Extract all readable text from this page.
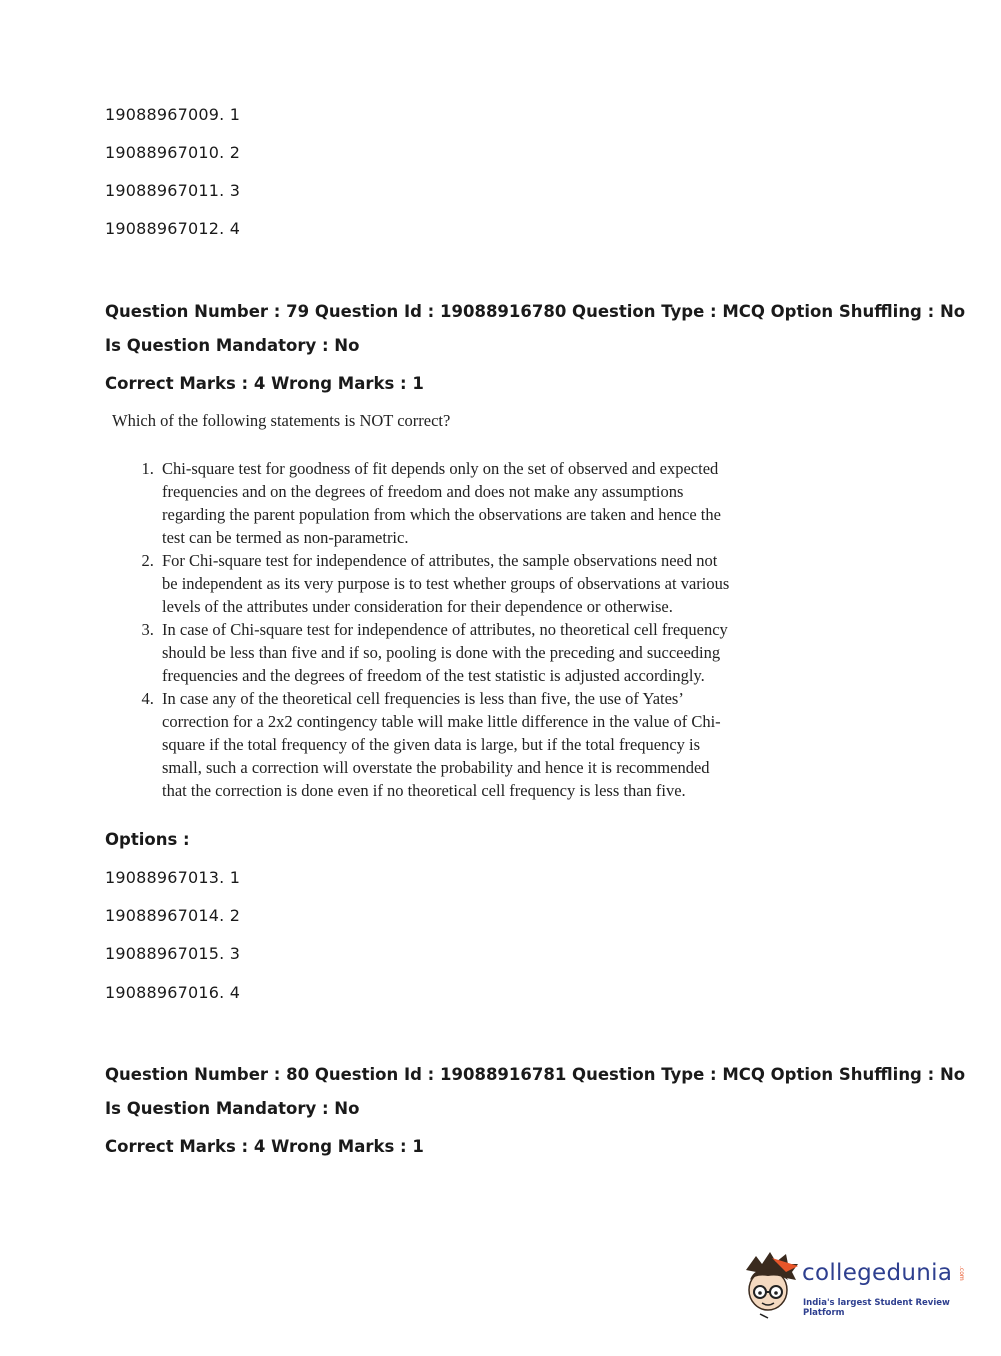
19088967009. 1
19088967010. 2
19088967011. 3
19088967012. 4
Question Number : 79 Question Id : 19088916780 Question Type : MCQ Option Shuffling : No
Is Question Mandatory : No
Correct Marks : 4 Wrong Marks : 1

Which of the following statements is NOT correct?

1. Chi-square test for goodness of fit depends only on the set of observed and expected frequencies and on the degrees of freedom and does not make any assumptions regarding the parent population from which the observations are taken and hence the test can be termed as non-parametric.
2. For Chi-square test for independence of attributes, the sample observations need not be independent as its very purpose is to test whether groups of observations at various levels of the attributes under consideration for their dependence or otherwise.
3. In case of Chi-square test for independence of attributes, no theoretical cell frequency should be less than five and if so, pooling is done with the preceding and succeeding frequencies and the degrees of freedom of the test statistic is adjusted accordingly.
4. In case any of the theoretical cell frequencies is less than five, the use of Yates’ correction for a 2x2 contingency table will make little difference in the value of Chi-square if the total frequency of the given data is large, but if the total frequency is small, such a correction will overstate the probability and hence it is recommended that the correction is done even if no theoretical cell frequency is less than five.
Options :
19088967013. 1
19088967014. 2
19088967015. 3
19088967016. 4
Question Number : 80 Question Id : 19088916781 Question Type : MCQ Option Shuffling : No
Is Question Mandatory : No
Correct Marks : 4 Wrong Marks : 1
collegedunia .com
India's largest Student Review Platform
